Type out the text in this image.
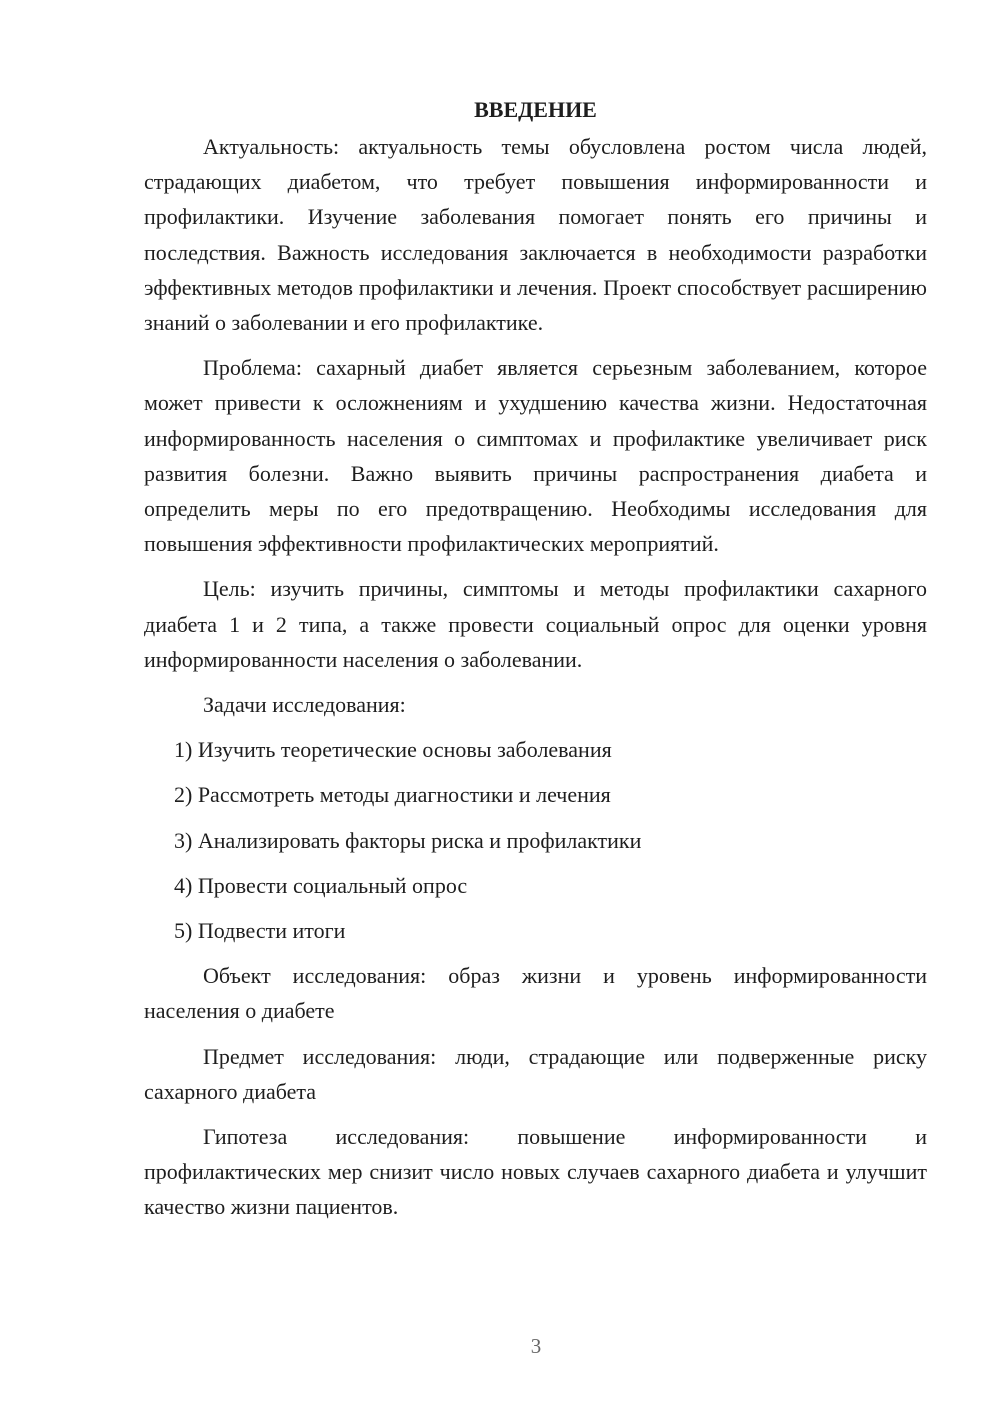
ВВЕДЕНИЕ

Актуальность: актуальность темы обусловлена ростом числа людей, страдающих диабетом, что требует повышения информированности и профилактики. Изучение заболевания помогает понять его причины и последствия. Важность исследования заключается в необходимости разработки эффективных методов профилактики и лечения. Проект способствует расширению знаний о заболевании и его профилактике.

Проблема: сахарный диабет является серьезным заболеванием, которое может привести к осложнениям и ухудшению качества жизни. Недостаточная информированность населения о симптомах и профилактике увеличивает риск развития болезни. Важно выявить причины распространения диабета и определить меры по его предотвращению. Необходимы исследования для повышения эффективности профилактических мероприятий.

Цель: изучить причины, симптомы и методы профилактики сахарного диабета 1 и 2 типа, а также провести социальный опрос для оценки уровня информированности населения о заболевании.

Задачи исследования:

1) Изучить теоретические основы заболевания
2) Рассмотреть методы диагностики и лечения
3) Анализировать факторы риска и профилактики
4) Провести социальный опрос
5) Подвести итоги

Объект исследования: образ жизни и уровень информированности населения о диабете

Предмет исследования: люди, страдающие или подверженные риску сахарного диабета

Гипотеза исследования: повышение информированности и профилактических мер снизит число новых случаев сахарного диабета и улучшит качество жизни пациентов.

3
